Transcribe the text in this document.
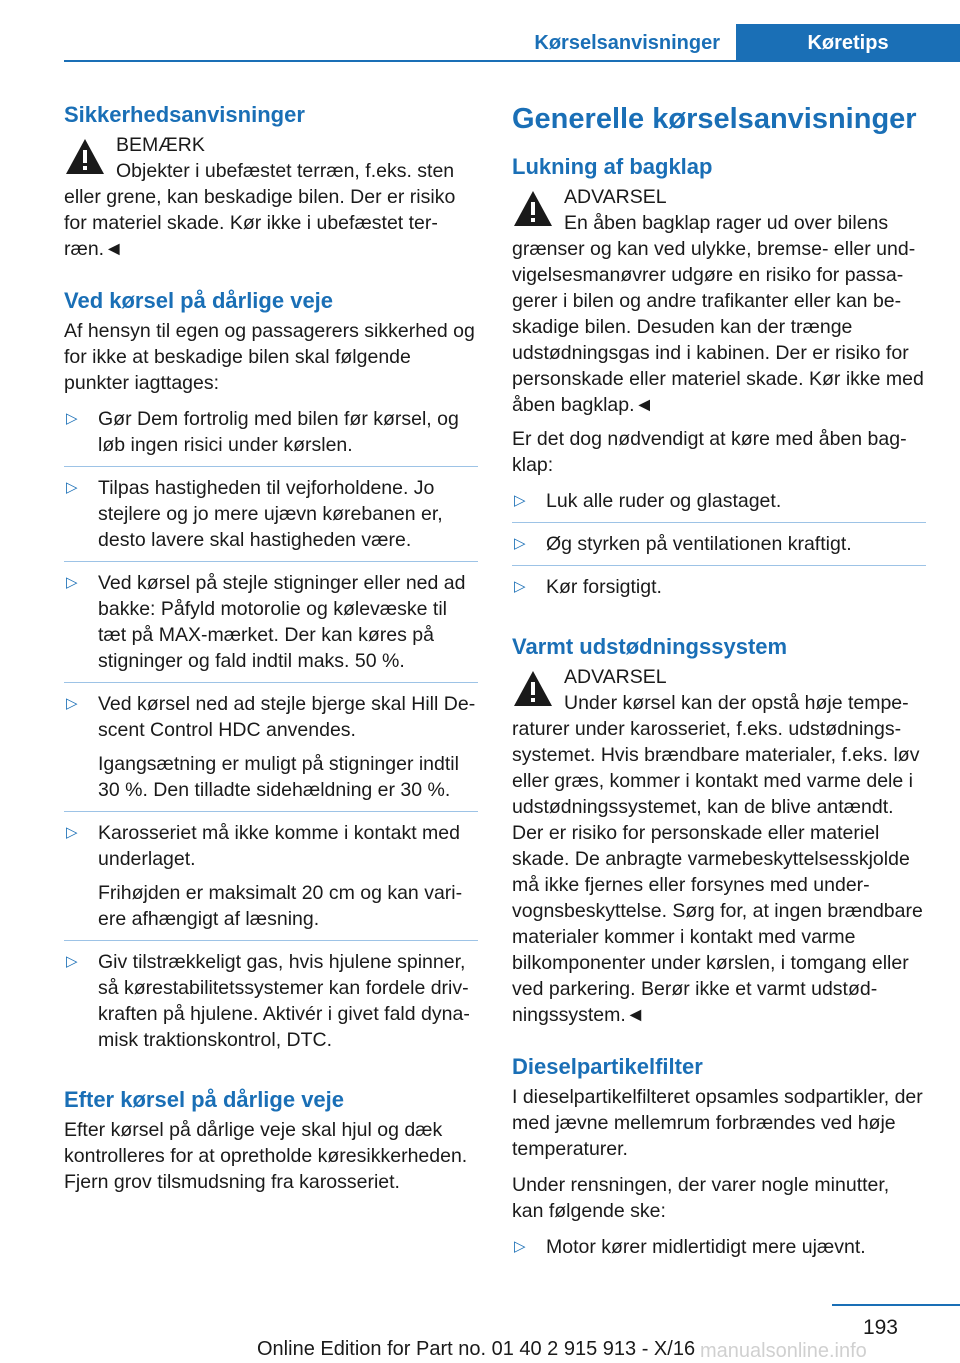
Kørselsanvisninger	Køretips
Sikkerhedsanvisninger
BEMÆRK
Objekter i ubefæstet terræn, f.eks. sten eller grene, kan beskadige bilen. Der er risiko for materiel skade. Kør ikke i ubefæstet terræn.◄
Ved kørsel på dårlige veje

Af hensyn til egen og passagerers sikkerhed og for ikke at beskadige bilen skal følgende punkter iagttages:

▷ Gør Dem fortrolig med bilen før kørsel, og løb ingen risici under kørslen.
▷ Tilpas hastigheden til vejforholdene. Jo stejlere og jo mere ujævn kørebanen er, desto lavere skal hastigheden være.
▷ Ved kørsel på stejle stigninger eller ned ad bakke: Påfyld motorolie og kølevæske til tæt på MAX-mærket. Der kan køres på stigninger og fald indtil maks. 50 %.
▷ Ved kørsel ned ad stejle bjerge skal Hill Descent Control HDC anvendes.
Igangsætning er muligt på stigninger indtil 30 %. Den tilladte sidehældning er 30 %.
▷ Karosseriet må ikke komme i kontakt med underlaget.
Frihøjden er maksimalt 20 cm og kan variere afhængigt af læsning.
▷ Giv tilstrækkeligt gas, hvis hjulene spinner, så kørestabilitetssystemer kan fordele drivkraften på hjulene. Aktivér i givet fald dynamisk traktionskontrol, DTC.
Efter kørsel på dårlige veje

Efter kørsel på dårlige veje skal hjul og dæk kontrolleres for at opretholde køresikkerheden. Fjern grov tilsmudsning fra karosseriet.

Generelle kørselsanvisninger
Lukning af bagklap
ADVARSEL
En åben bagklap rager ud over bilens grænser og kan ved ulykke, bremse- eller undvigelsesmanøvrer udgøre en risiko for passagerer i bilen og andre trafikanter eller kan beskadige bilen. Desuden kan der trænge udstødningsgas ind i kabinen. Der er risiko for personskade eller materiel skade. Kør ikke med åben bagklap.◄

Er det dog nødvendigt at køre med åben bagklap:

▷ Luk alle ruder og glastaget.
▷ Øg styrken på ventilationen kraftigt.
▷ Kør forsigtigt.
Varmt udstødningssystem
ADVARSEL
Under kørsel kan der opstå høje temperaturer under karosseriet, f.eks. udstødningssystemet. Hvis brændbare materialer, f.eks. løv eller græs, kommer i kontakt med varme dele i udstødningssystemet, kan de blive antændt. Der er risiko for personskade eller materiel skade. De anbragte varmebeskyttelsesskjolde må ikke fjernes eller forsynes med undervognsbeskyttelse. Sørg for, at ingen brændbare materialer kommer i kontakt med varme bilkomponenter under kørslen, i tomgang eller ved parkering. Berør ikke et varmt udstødningssystem.◄
Dieselpartikelfilter

I dieselpartikelfilteret opsamles sodpartikler, der med jævne mellemrum forbrændes ved høje temperaturer.

Under rensningen, der varer nogle minutter, kan følgende ske:

▷ Motor kører midlertidigt mere ujævnt.
193
Online Edition for Part no. 01 40 2 915 913 - X/16 manualsonline.info
